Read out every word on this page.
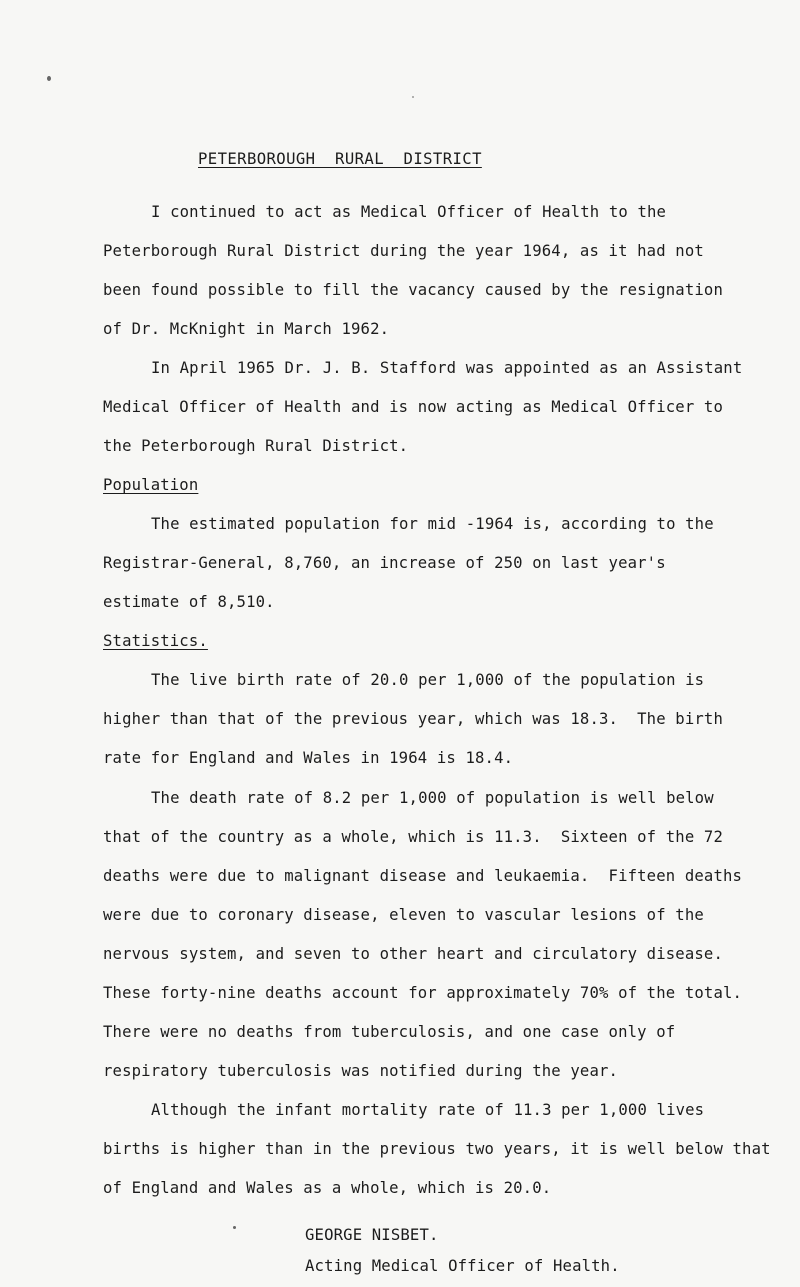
PETERBOROUGH  RURAL  DISTRICT
I continued to act as Medical Officer of Health to the
Peterborough Rural District during the year 1964, as it had not
been found possible to fill the vacancy caused by the resignation
of Dr. McKnight in March 1962.
In April 1965 Dr. J. B. Stafford was appointed as an Assistant
Medical Officer of Health and is now acting as Medical Officer to
the Peterborough Rural District.
Population
The estimated population for mid -1964 is, according to the
Registrar-General, 8,760, an increase of 250 on last year's
estimate of 8,510.
Statistics.
The live birth rate of 20.0 per 1,000 of the population is
higher than that of the previous year, which was 18.3.  The birth
rate for England and Wales in 1964 is 18.4.
The death rate of 8.2 per 1,000 of population is well below
that of the country as a whole, which is 11.3.  Sixteen of the 72
deaths were due to malignant disease and leukaemia.  Fifteen deaths
were due to coronary disease, eleven to vascular lesions of the
nervous system, and seven to other heart and circulatory disease.
These forty-nine deaths account for approximately 70% of the total.
There were no deaths from tuberculosis, and one case only of
respiratory tuberculosis was notified during the year.
Although the infant mortality rate of 11.3 per 1,000 lives
births is higher than in the previous two years, it is well below that
of England and Wales as a whole, which is 20.0.
GEORGE NISBET.
Acting Medical Officer of Health.
